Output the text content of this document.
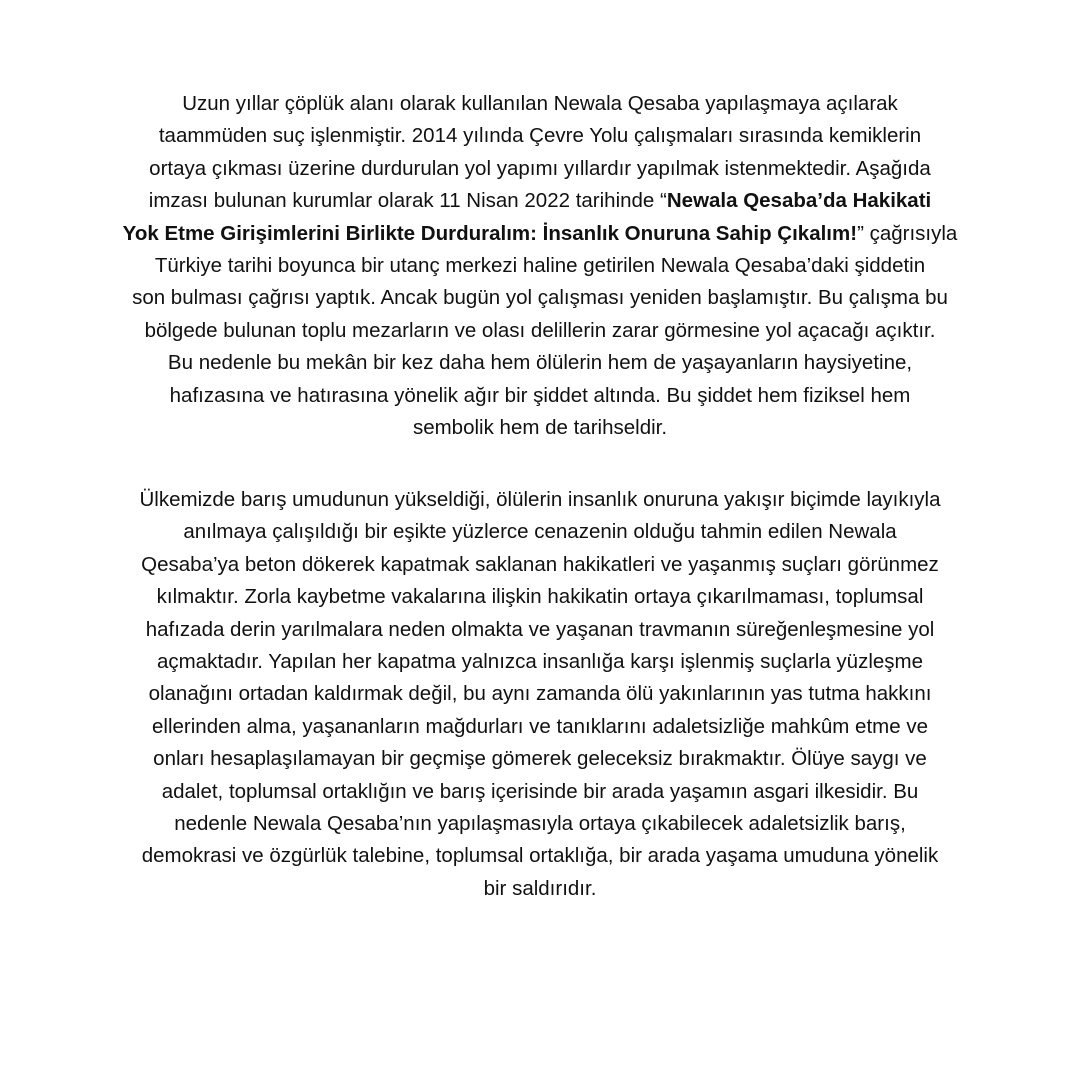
Uzun yıllar çöplük alanı olarak kullanılan Newala Qesaba yapılaşmaya açılarak
taammüden suç işlenmiştir. 2014 yılında Çevre Yolu çalışmaları sırasında kemiklerin
ortaya çıkması üzerine durdurulan yol yapımı yıllardır yapılmak istenmektedir. Aşağıda
imzası bulunan kurumlar olarak 11 Nisan 2022 tarihinde “Newala Qesaba’da Hakikati
Yok Etme Girişimlerini Birlikte Durduralım: İnsanlık Onuruna Sahip Çıkalım!” çağrısıyla
Türkiye tarihi boyunca bir utanç merkezi haline getirilen Newala Qesaba’daki şiddetin
son bulması çağrısı yaptık. Ancak bugün yol çalışması yeniden başlamıştır. Bu çalışma bu
bölgede bulunan toplu mezarların ve olası delillerin zarar görmesine yol açacağı açıktır.
Bu nedenle bu mekân bir kez daha hem ölülerin hem de yaşayanların haysiyetine,
hafızasına ve hatırasına yönelik ağır bir şiddet altında. Bu şiddet hem fiziksel hem
sembolik hem de tarihseldir.

Ülkemizde barış umudunun yükseldiği, ölülerin insanlık onuruna yakışır biçimde layıkıyla
anılmaya çalışıldığı bir eşikte yüzlerce cenazenin olduğu tahmin edilen Newala
Qesaba’ya beton dökerek kapatmak saklanan hakikatleri ve yaşanmış suçları görünmez
kılmaktır. Zorla kaybetme vakalarına ilişkin hakikatin ortaya çıkarılmaması, toplumsal
hafızada derin yarılmalara neden olmakta ve yaşanan travmanın süreğenleşmesine yol
açmaktadır. Yapılan her kapatma yalnızca insanlığa karşı işlenmiş suçlarla yüzleşme
olanağını ortadan kaldırmak değil, bu aynı zamanda ölü yakınlarının yas tutma hakkını
ellerinden alma, yaşananların mağdurları ve tanıklarını adaletsizliğe mahkûm etme ve
onları hesaplaşılamayan bir geçmişe gömerek geleceksiz bırakmaktır. Ölüye saygı ve
adalet, toplumsal ortaklığın ve barış içerisinde bir arada yaşamın asgari ilkesidir. Bu
nedenle Newala Qesaba’nın yapılaşmasıyla ortaya çıkabilecek adaletsizlik barış,
demokrasi ve özgürlük talebine, toplumsal ortaklığa, bir arada yaşama umuduna yönelik
bir saldırıdır.
